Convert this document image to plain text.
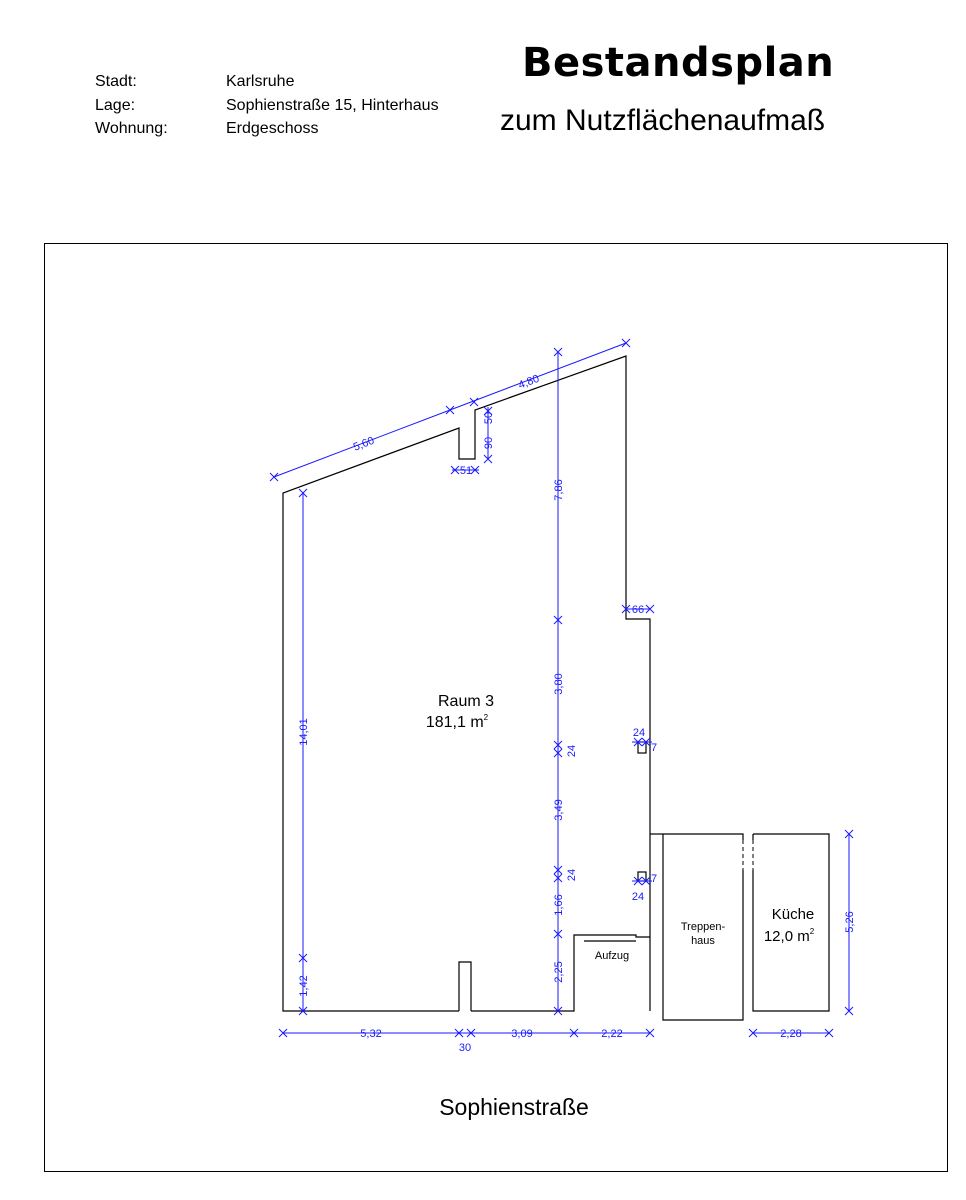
Stadt:	Karlsruhe
Lage:	Sophienstraße 15, Hinterhaus
Wohnung:	Erdgeschoss
Bestandsplan
zum Nutzflächenaufmaß
Raum 3
181,1 $m^2$
Küche
12,0 $m^2$
Treppen-
haus
Aufzug
5,60
4,80
50
90
51
7,86
3,80
24
3,49
24
1,66
2,25
66
24
7
7
24
14,01
1,42
5,26
5,32
30
3,09	2,22	2,28
Sophienstraße
